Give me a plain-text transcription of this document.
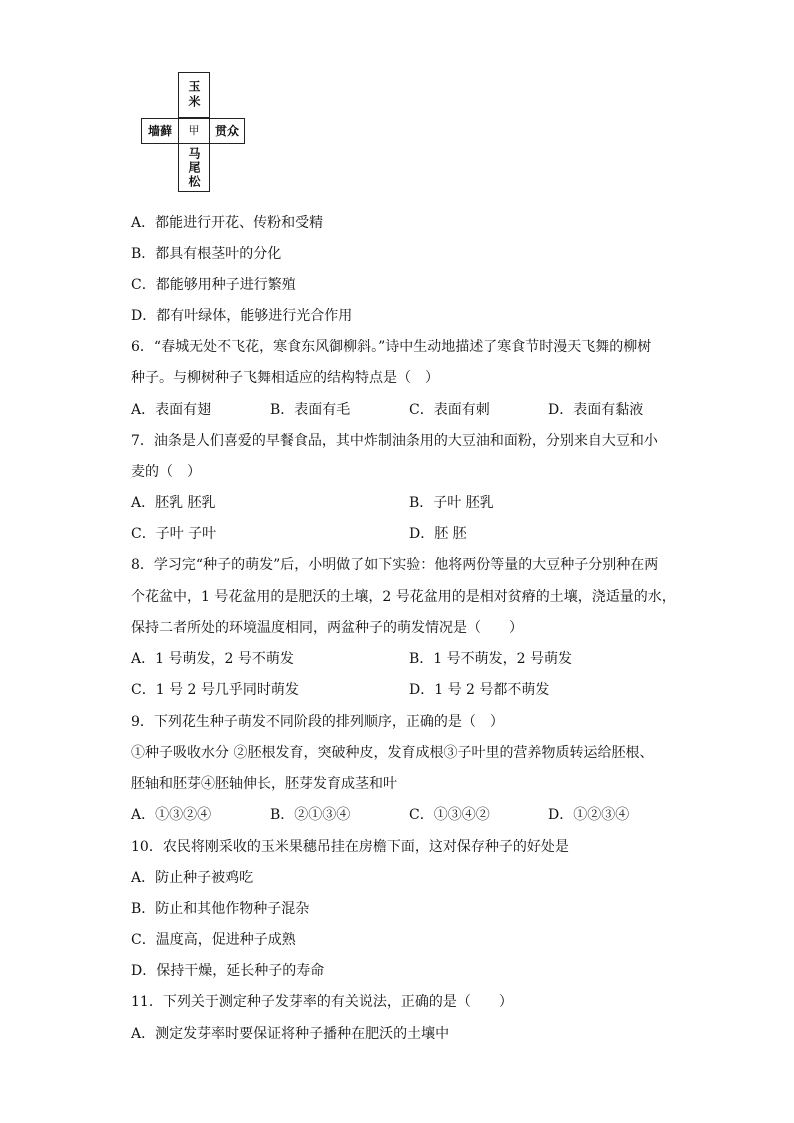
玉米
墙藓	甲	贯众
马尾松
A．都能进行开花、传粉和受精
B．都具有根茎叶的分化
C．都能够用种子进行繁殖
D．都有叶绿体，能够进行光合作用
6．“春城无处不飞花，寒食东风御柳斜。”诗中生动地描述了寒食节时漫天飞舞的柳树
种子。与柳树种子飞舞相适应的结构特点是（　）
A．表面有翅	B．表面有毛	C．表面有刺	D．表面有黏液
7．油条是人们喜爱的早餐食品，其中炸制油条用的大豆油和面粉，分别来自大豆和小
麦的（　）
A．胚乳 胚乳	B．子叶 胚乳
C．子叶 子叶	D．胚 胚
8．学习完“种子的萌发”后，小明做了如下实验：他将两份等量的大豆种子分别种在两
个花盆中，1 号花盆用的是肥沃的土壤，2 号花盆用的是相对贫瘠的土壤，浇适量的水，
保持二者所处的环境温度相同，两盆种子的萌发情况是（　　）
A．1 号萌发，2 号不萌发	B．1 号不萌发，2 号萌发
C．1 号 2 号几乎同时萌发	D．1 号 2 号都不萌发
9．下列花生种子萌发不同阶段的排列顺序，正确的是（　）
①种子吸收水分 ②胚根发育，突破种皮，发育成根③子叶里的营养物质转运给胚根、
胚轴和胚芽④胚轴伸长，胚芽发育成茎和叶
A．①③②④	B．②①③④	C．①③④②	D．①②③④
10．农民将刚采收的玉米果穗吊挂在房檐下面，这对保存种子的好处是
A．防止种子被鸡吃
B．防止和其他作物种子混杂
C．温度高，促进种子成熟
D．保持干燥，延长种子的寿命
11．下列关于测定种子发芽率的有关说法，正确的是（　　）
A．测定发芽率时要保证将种子播种在肥沃的土壤中
